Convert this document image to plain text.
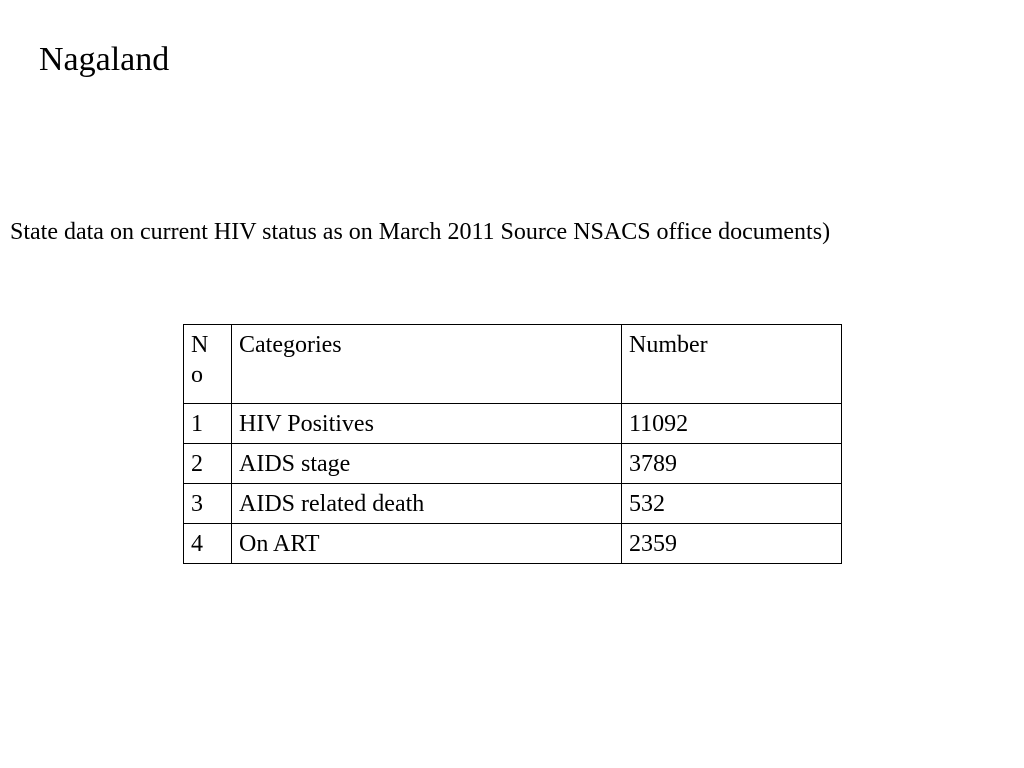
Nagaland

State data on current HIV status as on March 2011 Source NSACS office documents)

N
o	Categories	Number
1	HIV Positives	11092
2	AIDS stage	3789
3	AIDS related death	532
4	On ART	2359
